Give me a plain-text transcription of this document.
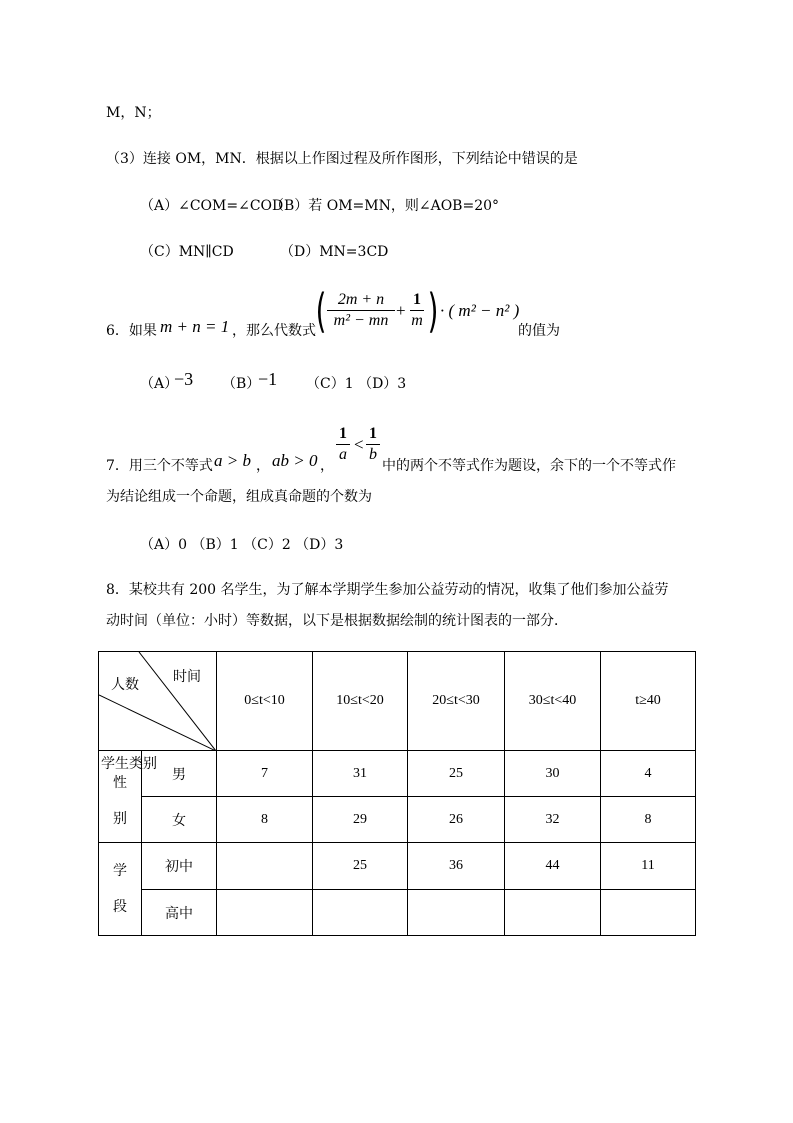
M，N；
（3）连接 OM，MN．根据以上作图过程及所作图形，下列结论中错误的是
（A）∠COM=∠COD
（B）若 OM=MN，则∠AOB=20°
（C）MN∥CD	（D）MN=3CD
6．如果 m + n = 1 ，那么代数式 ( $\frac{2m + n}{\text{m² − mn}} + \frac{1}{m}$ ) · ( m² − n² )
的值为
（A）
−3 （B）
−1 （C）1 （D）3
7．用三个不等式 a > b ， ab > 0 ，
$\frac{1}{a} < \frac{1}{b}$
中的两个不等式作为题设，余下的一个不等式作
为结论组成一个命题，组成真命题的个数为
（A）0 （B）1 （C）2 （D）3
8．某校共有 200 名学生，为了解本学期学生参加公益劳动的情况，收集了他们参加公益劳
动时间（单位：小时）等数据，以下是根据数据绘制的统计图表的一部分．
时间
人数
学生类别		0≤t<10	10≤t<20	20≤t<30	30≤t<40	t≥40
性
别	男	7	31	25	30	4
	女	8	29	26	32	8
学
段	初中		25	36	44	11
	高中					
